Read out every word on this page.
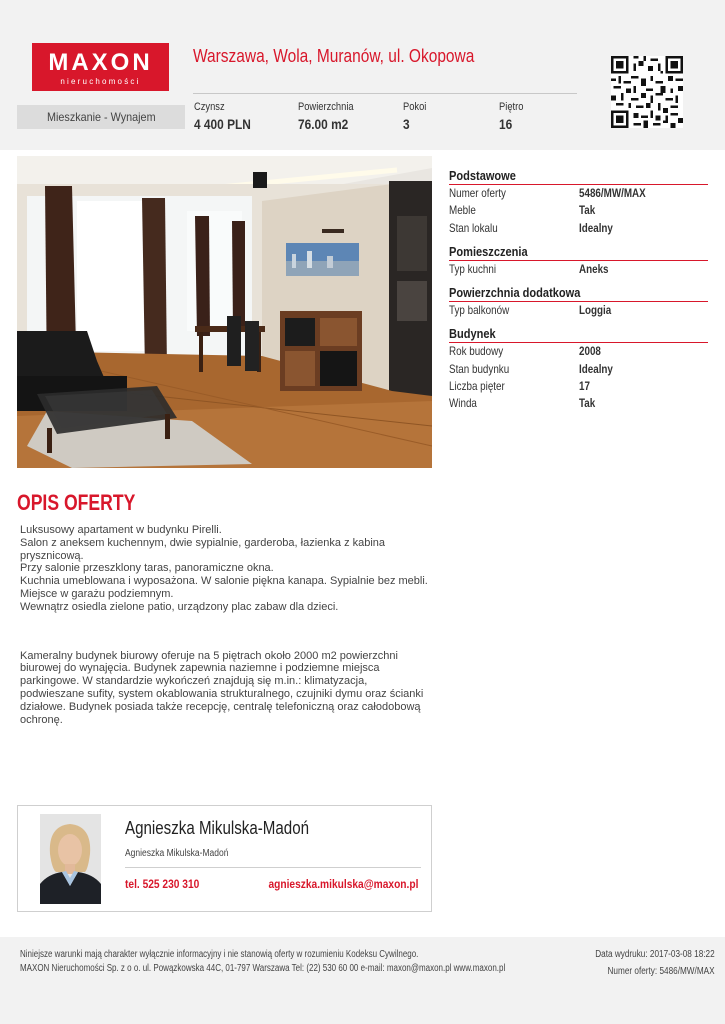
MAXON
nieruchomości
Warszawa, Wola, Muranów, ul. Okopowa
Mieszkanie - Wynajem
Czynsz
4 400 PLN
Powierzchnia
76.00 m2
Pokoi
3
Piętro
16
Podstawowe
Numer oferty	5486/MW/MAX
Meble	Tak
Stan lokalu	Idealny
Pomieszczenia
Typ kuchni	Aneks
Powierzchnia dodatkowa
Typ balkonów	Loggia
Budynek
Rok budowy	2008
Stan budynku	Idealny
Liczba pięter	17
Winda	Tak
OPIS OFERTY

Luksusowy apartament w budynku Pirelli.

Salon z aneksem kuchennym, dwie sypialnie, garderoba, łazienka z kabina

prysznicową.

Przy salonie przeszklony taras, panoramiczne okna.

Kuchnia umeblowana i wyposażona. W salonie piękna kanapa. Sypialnie bez mebli.

Miejsce w garażu podziemnym.

Wewnątrz osiedla zielone patio, urządzony plac zabaw dla dzieci.

Kameralny budynek biurowy oferuje na 5 piętrach około 2000 m2 powierzchni

biurowej do wynajęcia. Budynek zapewnia naziemne i podziemne miejsca

parkingowe. W standardzie wykończeń znajdują się m.in.: klimatyzacja,

podwieszane sufity, system okablowania strukturalnego, czujniki dymu oraz ścianki

działowe. Budynek posiada także recepcję, centralę telefoniczną oraz całodobową

ochronę.

Agnieszka Mikulska-Madoń
Agnieszka Mikulska-Madoń
tel. 525 230 310	agnieszka.mikulska@maxon.pl
Niniejsze warunki mają charakter wyłącznie informacyjny i nie stanowią oferty w rozumieniu Kodeksu Cywilnego.
MAXON Nieruchomości Sp. z o o. ul. Powązkowska 44C, 01-797 Warszawa Tel: (22) 530 60 00 e-mail: maxon@maxon.pl www.maxon.pl
Data wydruku: 2017-03-08 18:22
Numer oferty: 5486/MW/MAX
